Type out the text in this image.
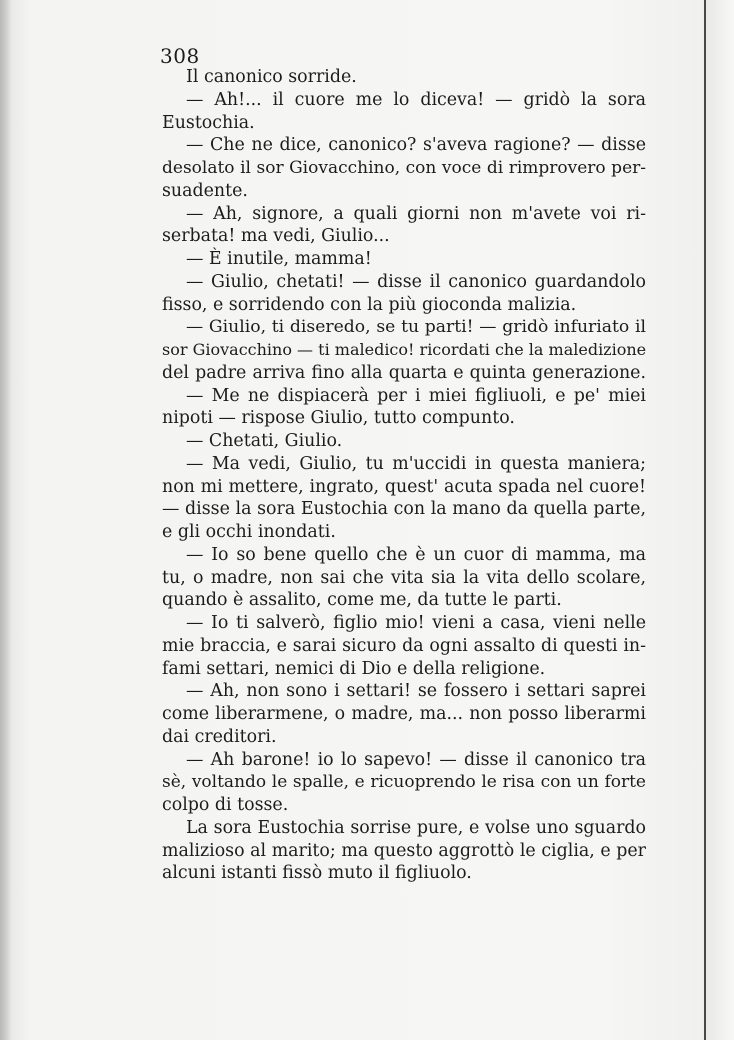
308
Il canonico sorride.
— Ah!... il cuore me lo diceva! — gridò la sora
Eustochia.
— Che ne dice, canonico? s'aveva ragione? — disse
desolato il sor Giovacchino, con voce di rimprovero per-
suadente.
— Ah, signore, a quali giorni non m'avete voi ri-
serbata! ma vedi, Giulio...
— È inutile, mamma!
— Giulio, chetati! — disse il canonico guardandolo
fisso, e sorridendo con la più gioconda malizia.
— Giulio, ti diseredo, se tu parti! — gridò infuriato il
sor Giovacchino — ti maledico! ricordati che la maledizione
del padre arriva fino alla quarta e quinta generazione.
— Me ne dispiacerà per i miei figliuoli, e pe' miei
nipoti — rispose Giulio, tutto compunto.
— Chetati, Giulio.
— Ma vedi, Giulio, tu m'uccidi in questa maniera;
non mi mettere, ingrato, quest' acuta spada nel cuore!
— disse la sora Eustochia con la mano da quella parte,
e gli occhi inondati.
— Io so bene quello che è un cuor di mamma, ma
tu, o madre, non sai che vita sia la vita dello scolare,
quando è assalito, come me, da tutte le parti.
— Io ti salverò, figlio mio! vieni a casa, vieni nelle
mie braccia, e sarai sicuro da ogni assalto di questi in-
fami settari, nemici di Dio e della religione.
— Ah, non sono i settari! se fossero i settari saprei
come liberarmene, o madre, ma... non posso liberarmi
dai creditori.
— Ah barone! io lo sapevo! — disse il canonico tra
sè, voltando le spalle, e ricuoprendo le risa con un forte
colpo di tosse.
La sora Eustochia sorrise pure, e volse uno sguardo
malizioso al marito; ma questo aggrottò le ciglia, e per
alcuni istanti fissò muto il figliuolo.
